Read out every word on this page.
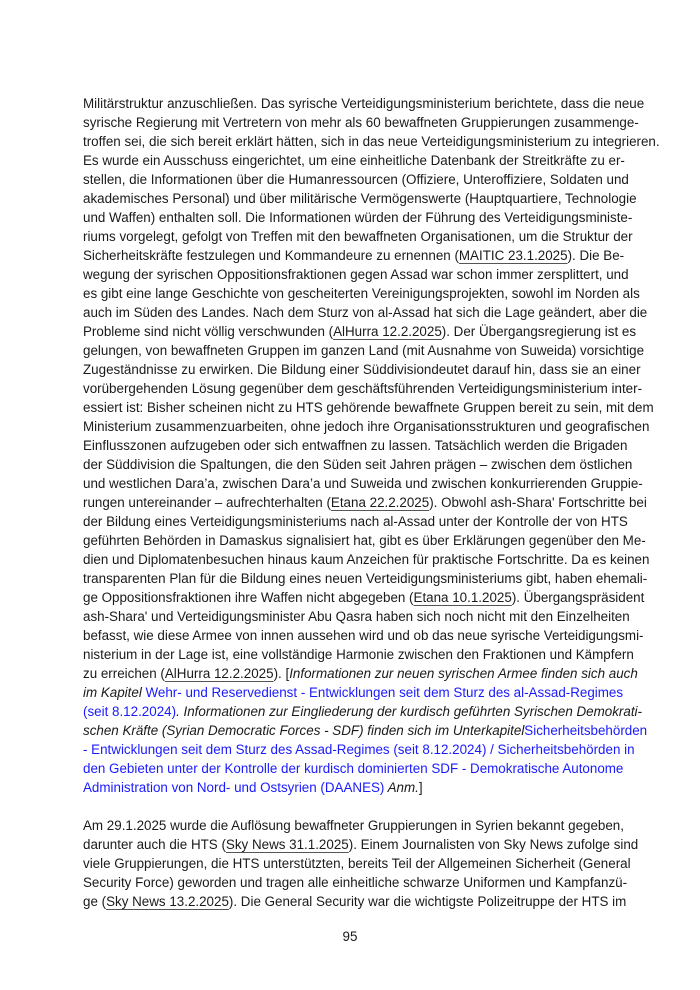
Militärstruktur anzuschließen. Das syrische Verteidigungsministerium berichtete, dass die neue
syrische Regierung mit Vertretern von mehr als 60 bewaffneten Gruppierungen zusammenge-
troffen sei, die sich bereit erklärt hätten, sich in das neue Verteidigungsministerium zu integrieren.
Es wurde ein Ausschuss eingerichtet, um eine einheitliche Datenbank der Streitkräfte zu er-
stellen, die Informationen über die Humanressourcen (Offiziere, Unteroffiziere, Soldaten und
akademisches Personal) und über militärische Vermögenswerte (Hauptquartiere, Technologie
und Waffen) enthalten soll. Die Informationen würden der Führung des Verteidigungsministe-
riums vorgelegt, gefolgt von Treffen mit den bewaffneten Organisationen, um die Struktur der
Sicherheitskräfte festzulegen und Kommandeure zu ernennen (MAITIC 23.1.2025). Die Be-
wegung der syrischen Oppositionsfraktionen gegen Assad war schon immer zersplittert, und
es gibt eine lange Geschichte von gescheiterten Vereinigungsprojekten, sowohl im Norden als
auch im Süden des Landes. Nach dem Sturz von al-Assad hat sich die Lage geändert, aber die
Probleme sind nicht völlig verschwunden (AlHurra 12.2.2025). Der Übergangsregierung ist es
gelungen, von bewaffneten Gruppen im ganzen Land (mit Ausnahme von Suweida) vorsichtige
Zugeständnisse zu erwirken. Die Bildung einer Süddivisiondeutet darauf hin, dass sie an einer
vorübergehenden Lösung gegenüber dem geschäftsführenden Verteidigungsministerium inter-
essiert ist: Bisher scheinen nicht zu HTS gehörende bewaffnete Gruppen bereit zu sein, mit dem
Ministerium zusammenzuarbeiten, ohne jedoch ihre Organisationsstrukturen und geografischen
Einflusszonen aufzugeben oder sich entwaffnen zu lassen. Tatsächlich werden die Brigaden
der Süddivision die Spaltungen, die den Süden seit Jahren prägen – zwischen dem östlichen
und westlichen Dara’a, zwischen Dara’a und Suweida und zwischen konkurrierenden Gruppie-
rungen untereinander – aufrechterhalten (Etana 22.2.2025). Obwohl ash-Shara' Fortschritte bei
der Bildung eines Verteidigungsministeriums nach al-Assad unter der Kontrolle der von HTS
geführten Behörden in Damaskus signalisiert hat, gibt es über Erklärungen gegenüber den Me-
dien und Diplomatenbesuchen hinaus kaum Anzeichen für praktische Fortschritte. Da es keinen
transparenten Plan für die Bildung eines neuen Verteidigungsministeriums gibt, haben ehemali-
ge Oppositionsfraktionen ihre Waffen nicht abgegeben (Etana 10.1.2025). Übergangspräsident
ash-Shara' und Verteidigungsminister Abu Qasra haben sich noch nicht mit den Einzelheiten
befasst, wie diese Armee von innen aussehen wird und ob das neue syrische Verteidigungsmi-
nisterium in der Lage ist, eine vollständige Harmonie zwischen den Fraktionen und Kämpfern
zu erreichen (AlHurra 12.2.2025). [Informationen zur neuen syrischen Armee finden sich auch
im Kapitel Wehr- und Reservedienst - Entwicklungen seit dem Sturz des al-Assad-Regimes
(seit 8.12.2024). Informationen zur Eingliederung der kurdisch geführten Syrischen Demokrati-
schen Kräfte (Syrian Democratic Forces - SDF) finden sich im UnterkapitelSicherheitsbehörden
- Entwicklungen seit dem Sturz des Assad-Regimes (seit 8.12.2024) / Sicherheitsbehörden in
den Gebieten unter der Kontrolle der kurdisch dominierten SDF - Demokratische Autonome
Administration von Nord- und Ostsyrien (DAANES) Anm.]
Am 29.1.2025 wurde die Auflösung bewaffneter Gruppierungen in Syrien bekannt gegeben,
darunter auch die HTS (Sky News 31.1.2025). Einem Journalisten von Sky News zufolge sind
viele Gruppierungen, die HTS unterstützten, bereits Teil der Allgemeinen Sicherheit (General
Security Force) geworden und tragen alle einheitliche schwarze Uniformen und Kampfanzü-
ge (Sky News 13.2.2025). Die General Security war die wichtigste Polizeitruppe der HTS im
95
